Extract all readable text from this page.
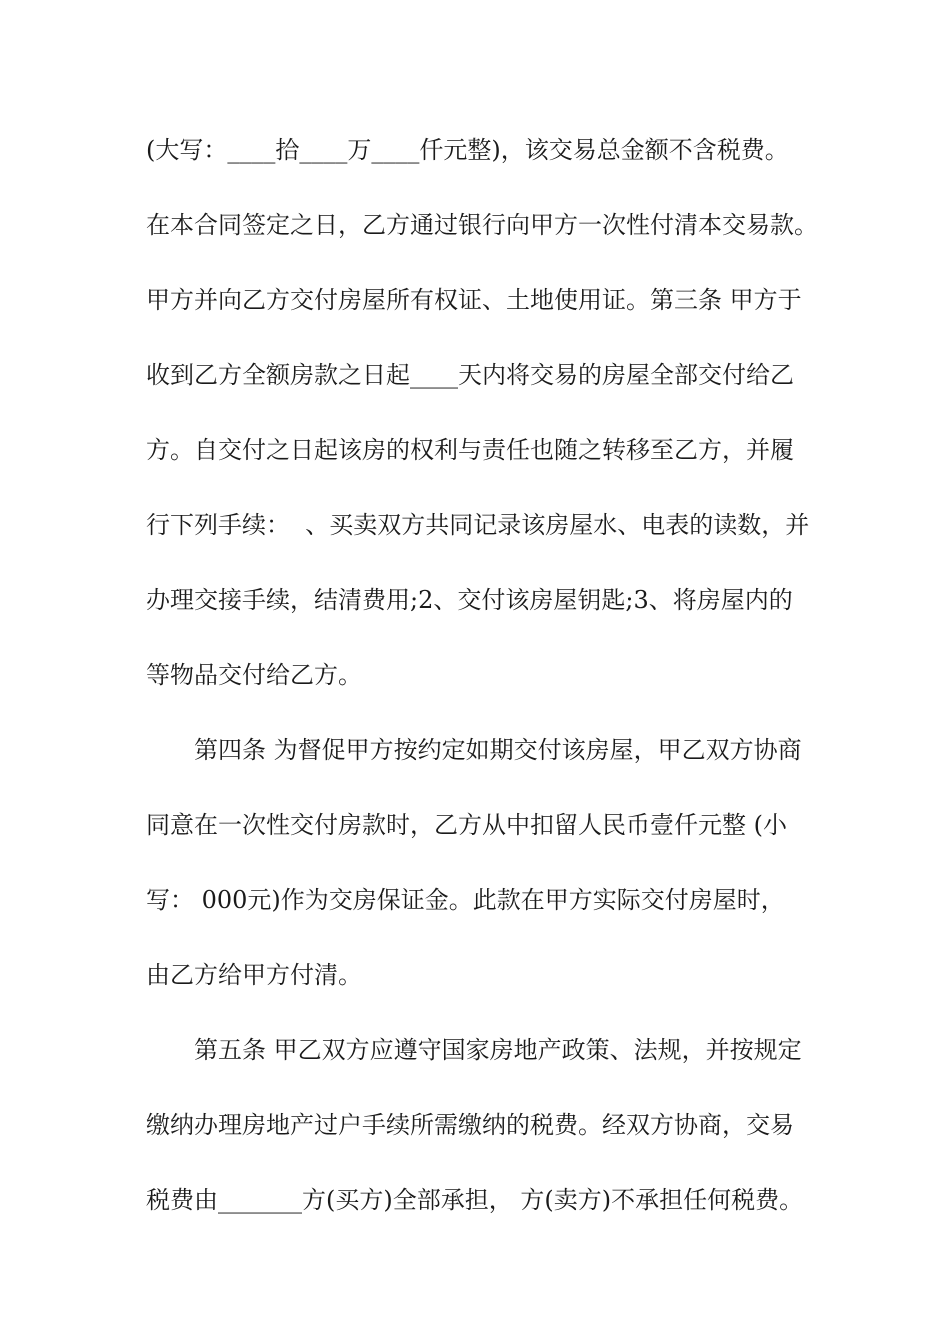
(大写：____拾____万____仟元整)，该交易总金额不含税费。
在本合同签定之日，乙方通过银行向甲方一次性付清本交易款。
甲方并向乙方交付房屋所有权证、土地使用证。第三条 甲方于
收到乙方全额房款之日起____天内将交易的房屋全部交付给乙
方。自交付之日起该房的权利与责任也随之转移至乙方，并履
行下列手续：  、买卖双方共同记录该房屋水、电表的读数，并
办理交接手续，结清费用;2、交付该房屋钥匙;3、将房屋内的
等物品交付给乙方。
第四条 为督促甲方按约定如期交付该房屋，甲乙双方协商
同意在一次性交付房款时，乙方从中扣留人民币壹仟元整 (小
写： 000元)作为交房保证金。此款在甲方实际交付房屋时，
由乙方给甲方付清。
第五条 甲乙双方应遵守国家房地产政策、法规，并按规定
缴纳办理房地产过户手续所需缴纳的税费。经双方协商，交易
税费由_______方(买方)全部承担， 方(卖方)不承担任何税费。
